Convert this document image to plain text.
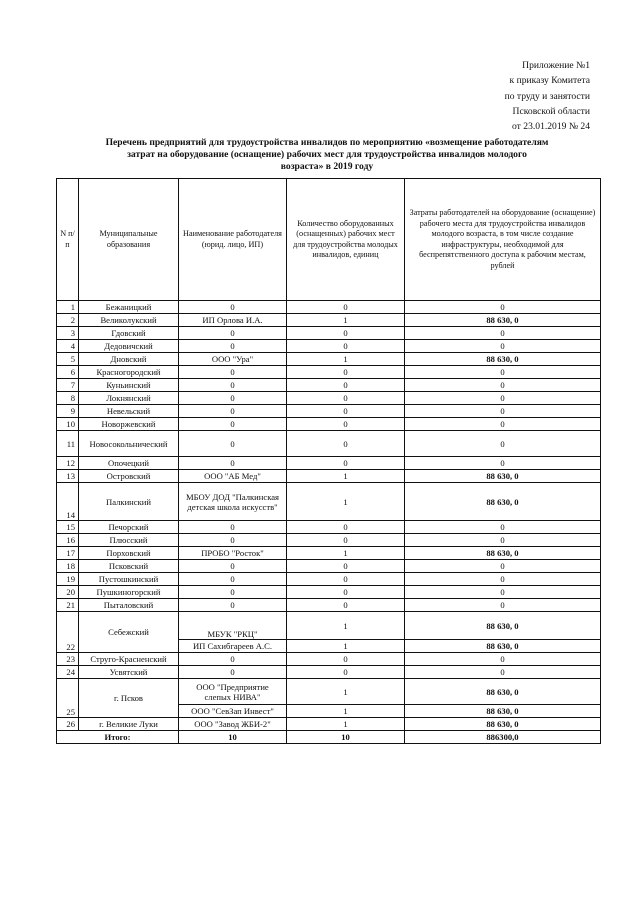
Приложение №1
к приказу Комитета
по труду и занятости
Псковской области
от 23.01.2019 № 24
Перечень предприятий для трудоустройства инвалидов по мероприятию «возмещение работодателям
затрат на оборудование (оснащение) рабочих мест для трудоустройства инвалидов молодого
возраста» в 2019 году
N п/п	Муниципальные образования	Наименование работодателя (юрид. лицо, ИП)	Количество оборудованных (оснащенных) рабочих мест для трудоустройства молодых инвалидов, единиц	Затраты работодателей на оборудование (оснащение) рабочего места для трудоустройства инвалидов молодого возраста, в том числе создание инфраструктуры, необходимой для беспрепятственного доступа к рабочим местам, рублей
1	Бежаницкий	0	0	0
2	Великолукский	ИП Орлова И.А.	1	88 630, 0
3	Гдовский	0	0	0
4	Дедовичский	0	0	0
5	Дновский	ООО "Ура"	1	88 630, 0
6	Красногородский	0	0	0
7	Куньинский	0	0	0
8	Локнянский	0	0	0
9	Невельский	0	0	0
10	Новоржевский	0	0	0
11	Новосокольнический	0	0	0
12	Опочецкий	0	0	0
13	Островский	ООО "АБ Мед"	1	88 630, 0
14	Палкинский	МБОУ ДОД "Палкинская детская школа искусств"	1	88 630, 0
15	Печорский	0	0	0
16	Плюсский	0	0	0
17	Порховский	ПРОБО "Росток"	1	88 630, 0
18	Псковский	0	0	0
19	Пустошкинский	0	0	0
20	Пушкиногорский	0	0	0
21	Пыталовский	0	0	0
22	Себежский	МБУК "РКЦ"	1	88 630, 0
		ИП Сахибгареев А.С.	1	88 630, 0
23	Струго-Красненский	0	0	0
24	Усвятский	0	0	0
25	г. Псков	ООО "Предприятие слепых НИВА"	1	88 630, 0
		ООО "СевЗап Инвест"	1	88 630, 0
26	г. Великие Луки	ООО "Завод ЖБИ-2"	1	88 630, 0
Итого:		10	10	886300,0
